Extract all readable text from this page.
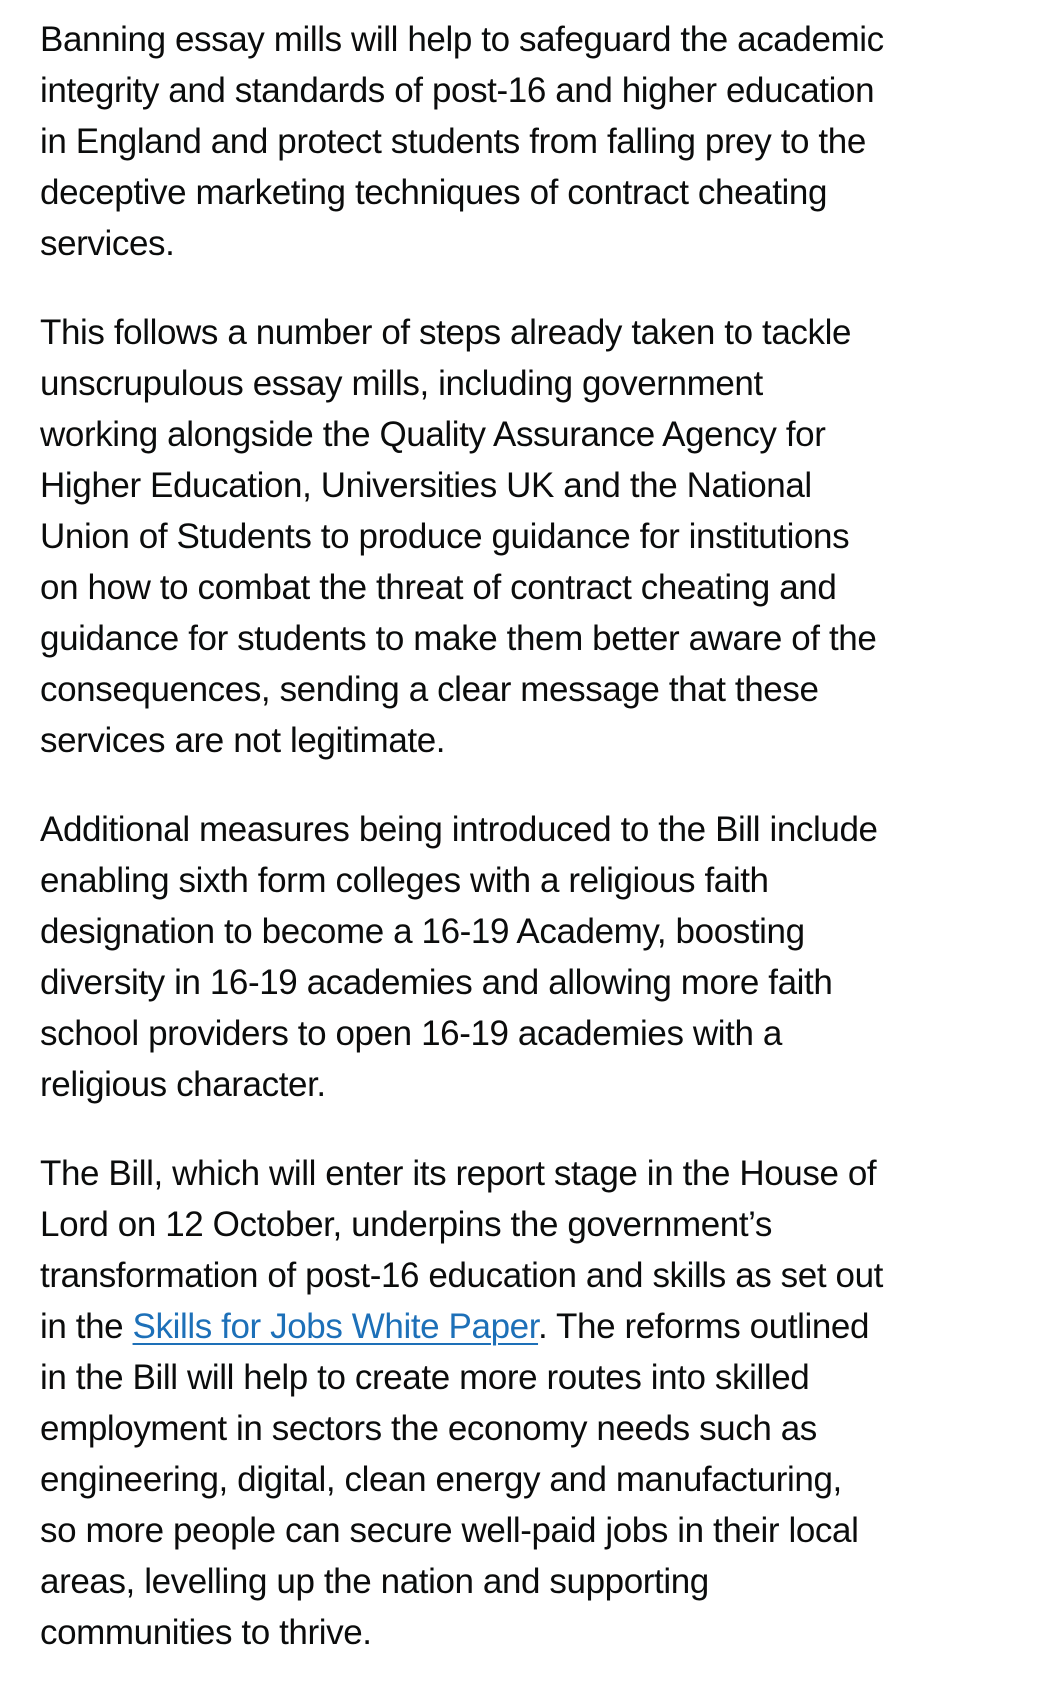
Banning essay mills will help to safeguard the academic
integrity and standards of post-16 and higher education
in England and protect students from falling prey to the
deceptive marketing techniques of contract cheating
services.

This follows a number of steps already taken to tackle
unscrupulous essay mills, including government
working alongside the Quality Assurance Agency for
Higher Education, Universities UK and the National
Union of Students to produce guidance for institutions
on how to combat the threat of contract cheating and
guidance for students to make them better aware of the
consequences, sending a clear message that these
services are not legitimate.

Additional measures being introduced to the Bill include
enabling sixth form colleges with a religious faith
designation to become a 16-19 Academy, boosting
diversity in 16-19 academies and allowing more faith
school providers to open 16-19 academies with a
religious character.

The Bill, which will enter its report stage in the House of
Lord on 12 October, underpins the government’s
transformation of post-16 education and skills as set out
in the Skills for Jobs White Paper. The reforms outlined
in the Bill will help to create more routes into skilled
employment in sectors the economy needs such as
engineering, digital, clean energy and manufacturing,
so more people can secure well-paid jobs in their local
areas, levelling up the nation and supporting
communities to thrive.
